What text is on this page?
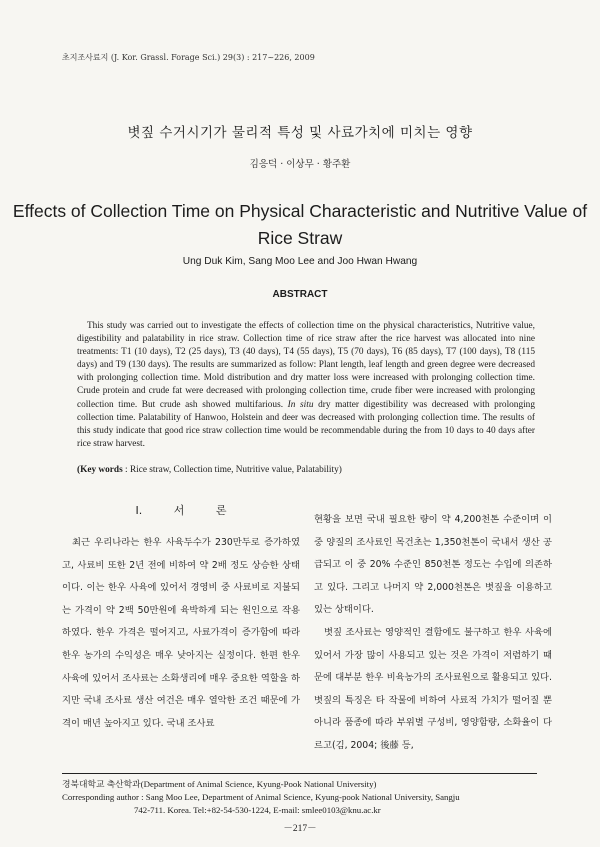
초지조사료지 (J. Kor. Grassl. Forage Sci.) 29(3) : 217~226, 2009
볏짚 수거시기가 물리적 특성 및 사료가치에 미치는 영향
김응덕 · 이상무 · 황주환
Effects of Collection Time on Physical Characteristic and Nutritive Value of Rice Straw
Ung Duk Kim, Sang Moo Lee and Joo Hwan Hwang
ABSTRACT

This study was carried out to investigate the effects of collection time on the physical characteristics, Nutritive value, digestibility and palatability in rice straw. Collection time of rice straw after the rice harvest was allocated into nine treatments: T1 (10 days), T2 (25 days), T3 (40 days), T4 (55 days), T5 (70 days), T6 (85 days), T7 (100 days), T8 (115 days) and T9 (130 days). The results are summarized as follow: Plant length, leaf length and green degree were decreased with prolonging collection time. Mold distribution and dry matter loss were increased with prolonging collection time. Crude protein and crude fat were decreased with prolonging collection time, crude fiber were increased with prolonging collection time. But crude ash showed multifarious. In situ dry matter digestibility was decreased with prolonging collection time. Palatability of Hanwoo, Holstein and deer was decreased with prolonging collection time. The results of this study indicate that good rice straw collection time would be recommendable during the from 10 days to 40 days after rice straw harvest.

(Key words : Rice straw, Collection time, Nutritive value, Palatability)
Ⅰ. 서 론

최근 우리나라는 한우 사육두수가 230만두로 증가하였고, 사료비 또한 2년 전에 비하여 약 2배 정도 상승한 상태이다. 이는 한우 사육에 있어서 경영비 중 사료비로 지불되는 가격이 약 2백 50만원에 육박하게 되는 원인으로 작용하였다. 한우 가격은 떨어지고, 사료가격이 증가함에 따라 한우 농가의 수익성은 매우 낮아지는 실정이다. 한편 한우 사육에 있어서 조사료는 소화생리에 매우 중요한 역할을 하지만 국내 조사료 생산 여건은 매우 열악한 조건 때문에 가격이 매년 높아지고 있다. 국내 조사료

현황을 보면 국내 필요한 량이 약 4,200천톤 수준이며 이 중 양질의 조사료인 목건초는 1,350천톤이 국내서 생산 공급되고 이 중 20% 수준인 850천톤 정도는 수입에 의존하고 있다. 그리고 나머지 약 2,000천톤은 볏짚을 이용하고 있는 상태이다.

볏짚 조사료는 영양적인 결함에도 불구하고 한우 사육에 있어서 가장 많이 사용되고 있는 것은 가격이 저렴하기 때문에 대부분 한우 비육농가의 조사료원으로 활용되고 있다. 볏짚의 특징은 타 작물에 비하여 사료적 가치가 떨어질 뿐 아니라 품종에 따라 부위별 구성비, 영양함량, 소화율이 다르고(김, 2004; 後藤 등,

경북대학교 축산학과(Department of Animal Science, Kyung-Pook National University)
Corresponding author : Sang Moo Lee, Department of Animal Science, Kyung-pook National University, Sangju
742-711. Korea. Tel:+82-54-530-1224, E-mail: smlee0103@knu.ac.kr
－217－
